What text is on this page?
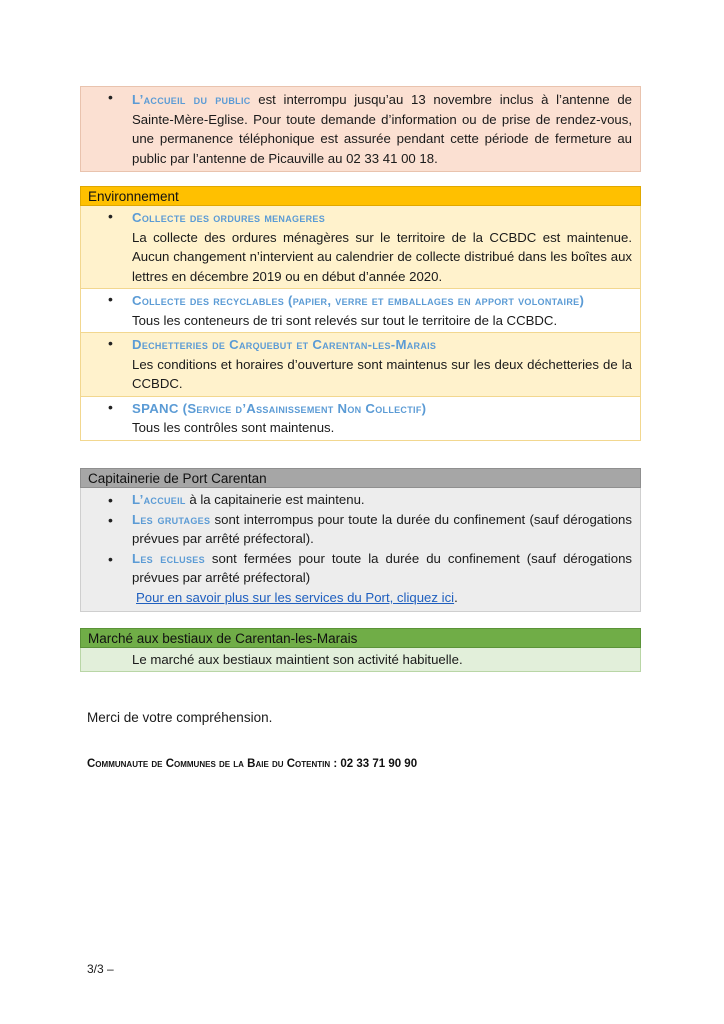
•	L’accueil du public est interrompu jusqu’au 13 novembre inclus à l’antenne de Sainte-Mère-Eglise. Pour toute demande d’information ou de prise de rendez-vous, une permanence téléphonique est assurée pendant cette période de fermeture au public par l’antenne de Picauville au 02 33 41 00 18.
Environnement
•	Collecte des ordures menageres
La collecte des ordures ménagères sur le territoire de la CCBDC est maintenue. Aucun changement n’intervient au calendrier de collecte distribué dans les boîtes aux lettres en décembre 2019 ou en début d’année 2020.
•	Collecte des recyclables (papier, verre et emballages en apport volontaire)
Tous les conteneurs de tri sont relevés sur tout le territoire de la CCBDC.
•	Dechetteries de Carquebut et Carentan-les-Marais
Les conditions et horaires d’ouverture sont maintenus sur les deux déchetteries de la CCBDC.
•	SPANC (Service d’Assainissement Non Collectif)
Tous les contrôles sont maintenus.
Capitainerie de Port Carentan
•	L’accueil à la capitainerie est maintenu.
•	Les grutages sont interrompus pour toute la durée du confinement (sauf dérogations prévues par arrêté préfectoral).
•	Les ecluses sont fermées pour toute la durée du confinement (sauf dérogations prévues par arrêté préfectoral)
Pour en savoir plus sur les services du Port, cliquez ici.
Marché aux bestiaux de Carentan-les-Marais
Le marché aux bestiaux maintient son activité habituelle.
Merci de votre compréhension.
Communaute de Communes de la Baie du Cotentin : 02 33 71 90 90
3/3 –
